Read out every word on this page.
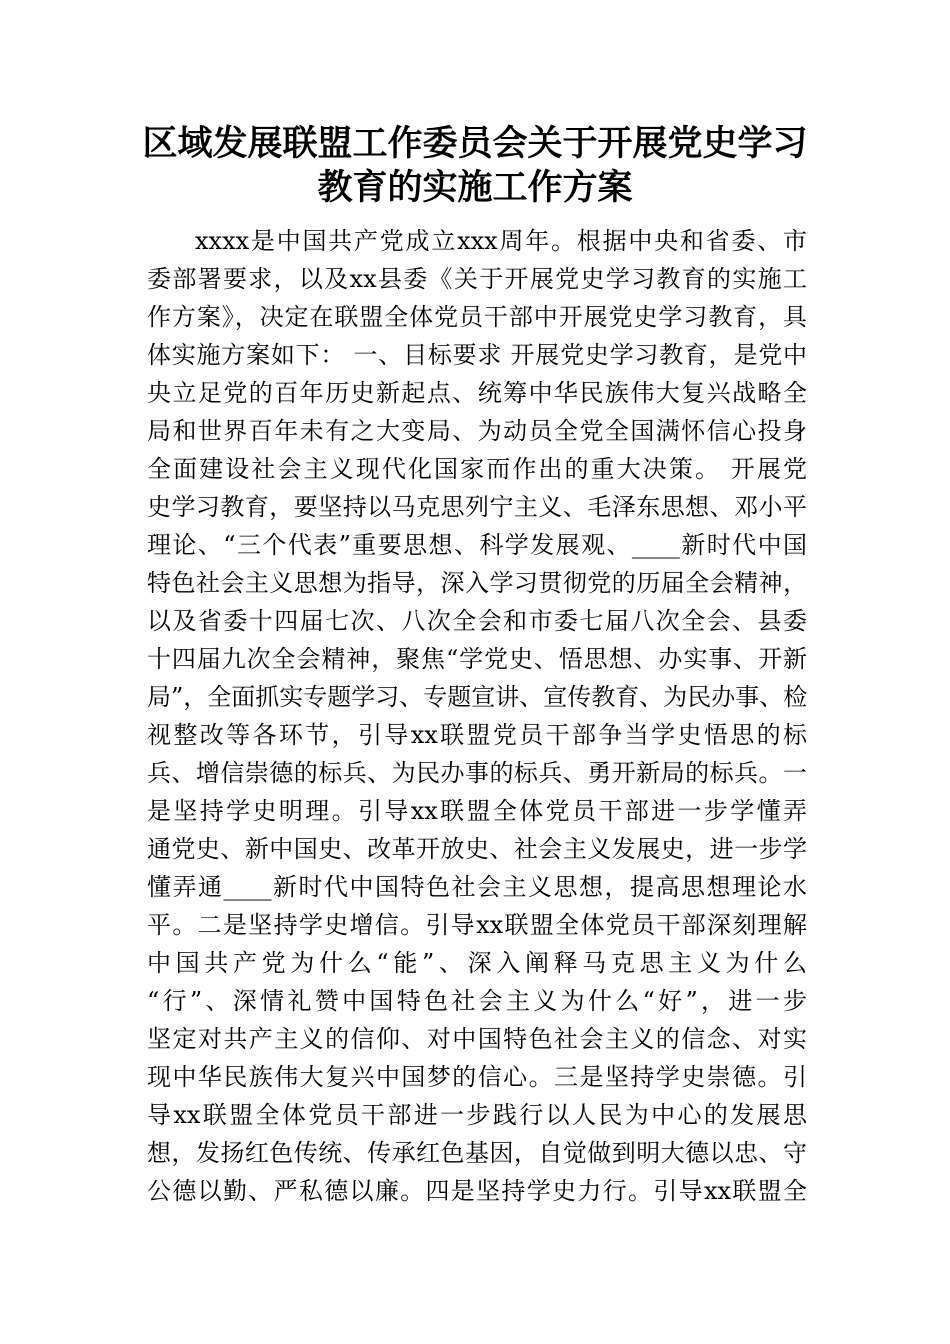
区域发展联盟工作委员会关于开展党史学习
教育的实施工作方案
xxxx是中国共产党成立xxx周年。根据中央和省委、市
委部署要求，以及xx县委《关于开展党史学习教育的实施工
作方案》，决定在联盟全体党员干部中开展党史学习教育，具
体实施方案如下： 一、目标要求 开展党史学习教育，是党中
央立足党的百年历史新起点、统筹中华民族伟大复兴战略全
局和世界百年未有之大变局、为动员全党全国满怀信心投身
全面建设社会主义现代化国家而作出的重大决策。 开展党
史学习教育，要坚持以马克思列宁主义、毛泽东思想、邓小平
理论、“三个代表”重要思想、科学发展观、____新时代中国
特色社会主义思想为指导，深入学习贯彻党的历届全会精神，
以及省委十四届七次、八次全会和市委七届八次全会、县委
十四届九次全会精神，聚焦“学党史、悟思想、办实事、开新
局”，全面抓实专题学习、专题宣讲、宣传教育、为民办事、检
视整改等各环节，引导xx联盟党员干部争当学史悟思的标
兵、增信崇德的标兵、为民办事的标兵、勇开新局的标兵。一
是坚持学史明理。引导xx联盟全体党员干部进一步学懂弄
通党史、新中国史、改革开放史、社会主义发展史，进一步学
懂弄通____新时代中国特色社会主义思想，提高思想理论水
平。二是坚持学史增信。引导xx联盟全体党员干部深刻理解
中国共产党为什么“能”、深入阐释马克思主义为什么
“行”、深情礼赞中国特色社会主义为什么“好”，进一步
坚定对共产主义的信仰、对中国特色社会主义的信念、对实
现中华民族伟大复兴中国梦的信心。三是坚持学史崇德。引
导xx联盟全体党员干部进一步践行以人民为中心的发展思
想，发扬红色传统、传承红色基因，自觉做到明大德以忠、守
公德以勤、严私德以廉。四是坚持学史力行。引导xx联盟全
